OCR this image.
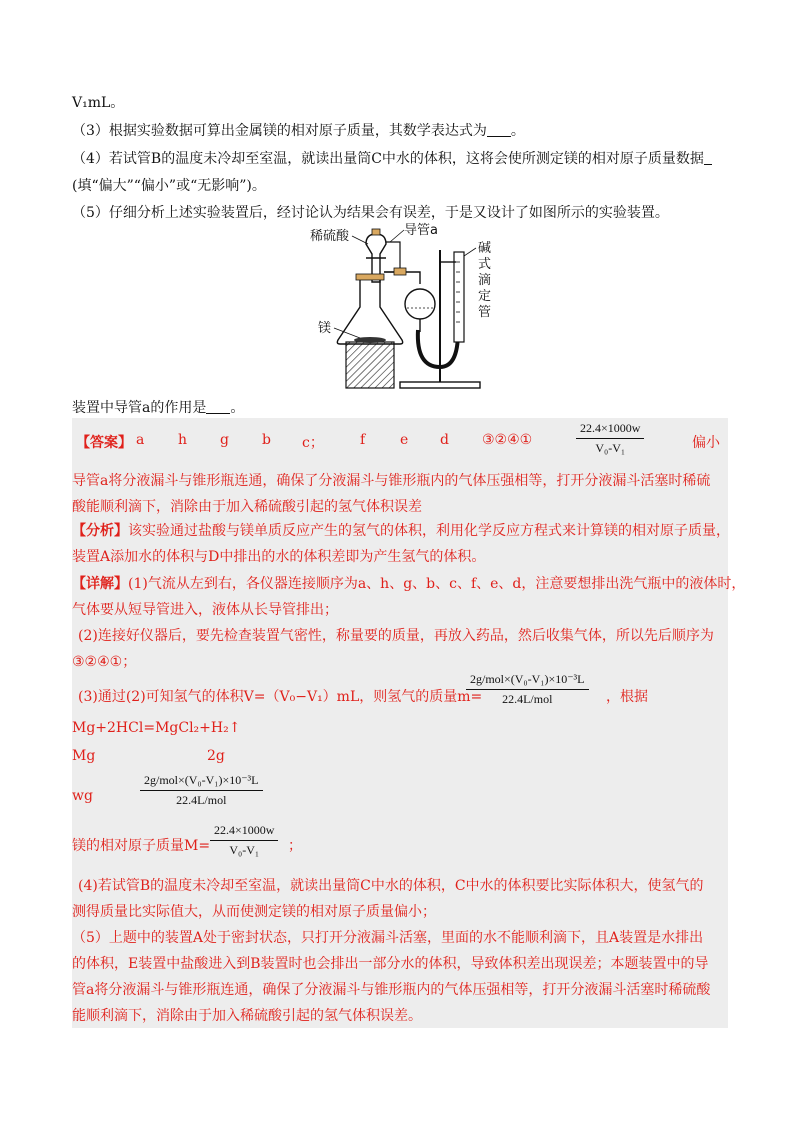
V₁mL。
（3）根据实验数据可算出金属镁的相对原子质量，其数学表达式为 。
（4）若试管B的温度未冷却至室温，就读出量筒C中水的体积，这将会使所测定镁的相对原子质量数据
(填“偏大”“偏小”或“无影响”)。
（5）仔细分析上述实验装置后，经讨论认为结果会有误差，于是又设计了如图所示的实验装置。
稀硫酸	导管a
碱式滴定管
镁
装置中导管a的作用是 。
【答案】 a h g b c；	f e d ③②④①	$\frac{22.4\times 1000w}{\text{V₀-V₁}}$	偏小
导管a将分液漏斗与锥形瓶连通，确保了分液漏斗与锥形瓶内的气体压强相等，打开分液漏斗活塞时稀硫
酸能顺利滴下，消除由于加入稀硫酸引起的氢气体积误差
【分析】该实验通过盐酸与镁单质反应产生的氢气的体积，利用化学反应方程式来计算镁的相对原子质量，
装置A添加水的体积与D中排出的水的体积差即为产生氢气的体积。
【详解】(1)气流从左到右，各仪器连接顺序为a、h、g、b、c、f、e、d，注意要想排出洗气瓶中的液体时，
气体要从短导管进入，液体从长导管排出；
(2)连接好仪器后，要先检查装置气密性，称量要的质量，再放入药品，然后收集气体，所以先后顺序为
③②④①；
(3)通过(2)可知氢气的体积V=（V₀−V₁）mL，则氢气的质量m=
2g/mol×(V₀-V₁)×10⁻³L
22.4L/mol	，根据
Mg+2HCl=MgCl₂+H₂↑
Mg	2g
wg
2g/mol×(V₀-V₁)×10⁻³L
22.4L/mol
镁的相对原子质量$M= \frac{22.4\times 1000w}{\text{V₀-V₁}}$ ；
(4)若试管B的温度未冷却至室温，就读出量筒C中水的体积，C中水的体积要比实际体积大，使氢气的
测得质量比实际值大，从而使测定镁的相对原子质量偏小；
（5）上题中的装置A处于密封状态，只打开分液漏斗活塞，里面的水不能顺利滴下，且A装置是水排出
的体积，E装置中盐酸进入到B装置时也会排出一部分水的体积，导致体积差出现误差；本题装置中的导
管a将分液漏斗与锥形瓶连通，确保了分液漏斗与锥形瓶内的气体压强相等，打开分液漏斗活塞时稀硫酸
能顺利滴下，消除由于加入稀硫酸引起的氢气体积误差。
